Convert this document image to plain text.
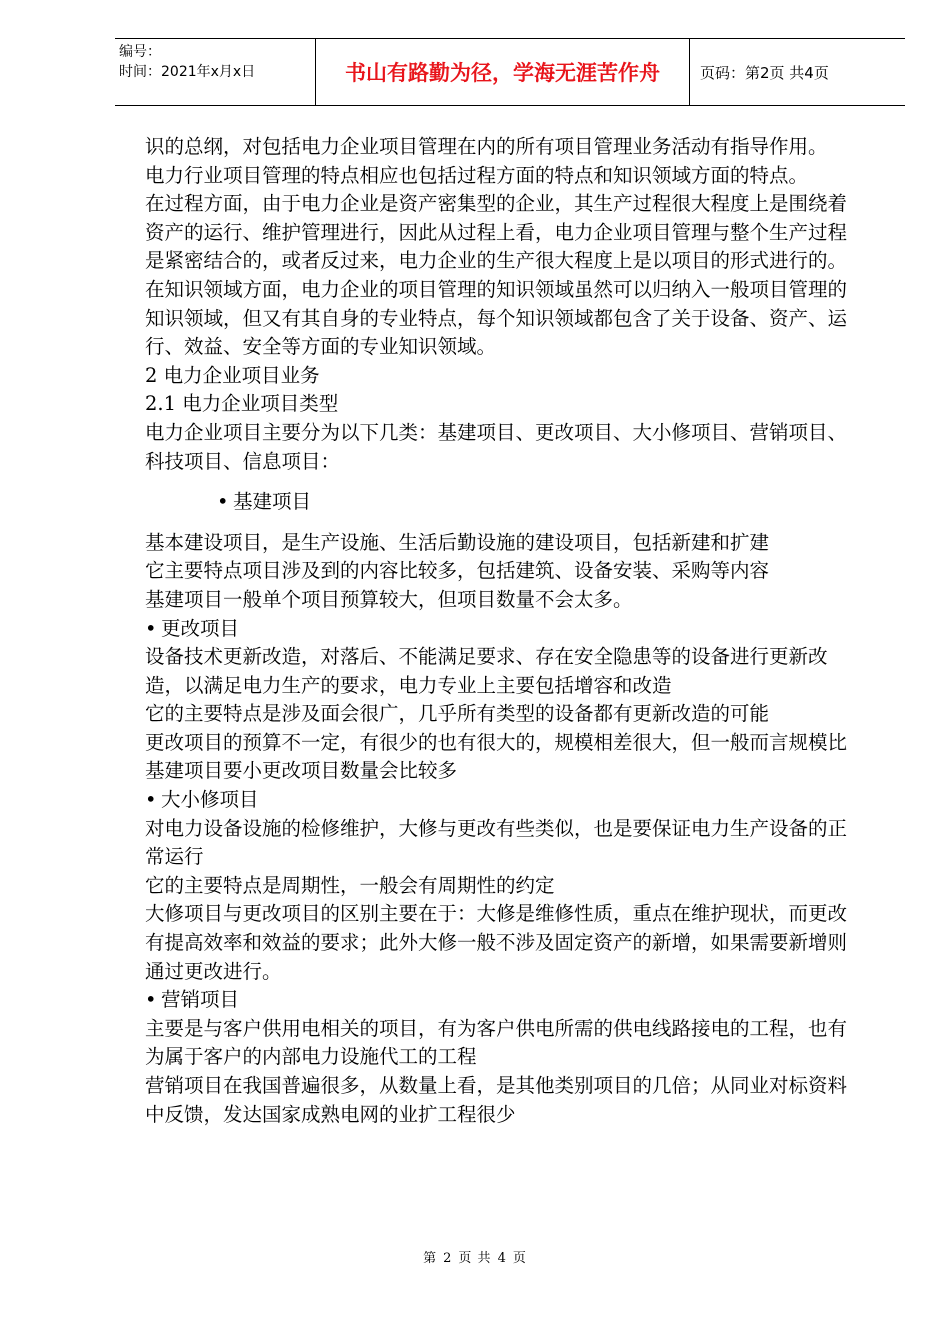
编号：
时间：2021年x月x日	书山有路勤为径，学海无涯苦作舟	页码：第2页 共4页

识的总纲，对包括电力企业项目管理在内的所有项目管理业务活动有指导作用。

电力行业项目管理的特点相应也包括过程方面的特点和知识领域方面的特点。

在过程方面，由于电力企业是资产密集型的企业，其生产过程很大程度上是围绕着资产的运行、维护管理进行，因此从过程上看，电力企业项目管理与整个生产过程是紧密结合的，或者反过来，电力企业的生产很大程度上是以项目的形式进行的。

在知识领域方面，电力企业的项目管理的知识领域虽然可以归纳入一般项目管理的知识领域，但又有其自身的专业特点，每个知识领域都包含了关于设备、资产、运行、效益、安全等方面的专业知识领域。

2 电力企业项目业务

2.1 电力企业项目类型

电力企业项目主要分为以下几类：基建项目、更改项目、大小修项目、营销项目、科技项目、信息项目：

• 基建项目

基本建设项目，是生产设施、生活后勤设施的建设项目，包括新建和扩建

它主要特点项目涉及到的内容比较多，包括建筑、设备安装、采购等内容

基建项目一般单个项目预算较大，但项目数量不会太多。

• 更改项目

设备技术更新改造，对落后、不能满足要求、存在安全隐患等的设备进行更新改造，以满足电力生产的要求，电力专业上主要包括增容和改造

它的主要特点是涉及面会很广，几乎所有类型的设备都有更新改造的可能

更改项目的预算不一定，有很少的也有很大的，规模相差很大，但一般而言规模比基建项目要小更改项目数量会比较多

• 大小修项目

对电力设备设施的检修维护，大修与更改有些类似，也是要保证电力生产设备的正常运行

它的主要特点是周期性，一般会有周期性的约定

大修项目与更改项目的区别主要在于：大修是维修性质，重点在维护现状，而更改有提高效率和效益的要求；此外大修一般不涉及固定资产的新增，如果需要新增则通过更改进行。

• 营销项目

主要是与客户供用电相关的项目，有为客户供电所需的供电线路接电的工程，也有为属于客户的内部电力设施代工的工程

营销项目在我国普遍很多，从数量上看，是其他类别项目的几倍；从同业对标资料中反馈，发达国家成熟电网的业扩工程很少

第 2 页 共 4 页
